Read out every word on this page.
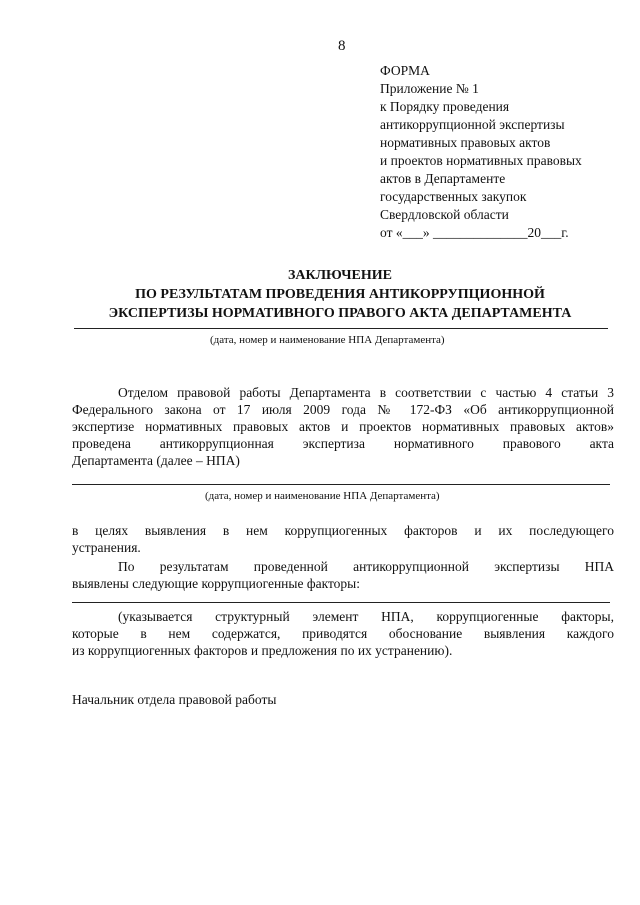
8
ФОРМА
Приложение № 1
к Порядку проведения
антикоррупционной экспертизы
нормативных правовых актов
и проектов нормативных правовых
актов в Департаменте
государственных закупок
Свердловской области
от «___» ______________20___г.
ЗАКЛЮЧЕНИЕ
ПО РЕЗУЛЬТАТАМ ПРОВЕДЕНИЯ АНТИКОРРУПЦИОННОЙ
ЭКСПЕРТИЗЫ НОРМАТИВНОГО ПРАВОГО АКТА ДЕПАРТАМЕНТА
(дата, номер и наименование НПА Департамента)
Отделом правовой работы Департамента в соответствии с частью 4 статьи 3
Федерального закона от 17 июля 2009 года № 172-ФЗ «Об антикоррупционной
экспертизе нормативных правовых актов и проектов нормативных правовых актов»
проведена антикоррупционная экспертиза нормативного правового акта
Департамента (далее – НПА)
(дата, номер и наименование НПА Департамента)
в целях выявления в нем коррупциогенных факторов и их последующего
устранения.
По результатам проведенной антикоррупционной экспертизы НПА
выявлены следующие коррупциогенные факторы:
(указывается структурный элемент НПА, коррупциогенные факторы,
которые в нем содержатся, приводятся обоснование выявления каждого
из коррупциогенных факторов и предложения по их устранению).
Начальник отдела правовой работы
